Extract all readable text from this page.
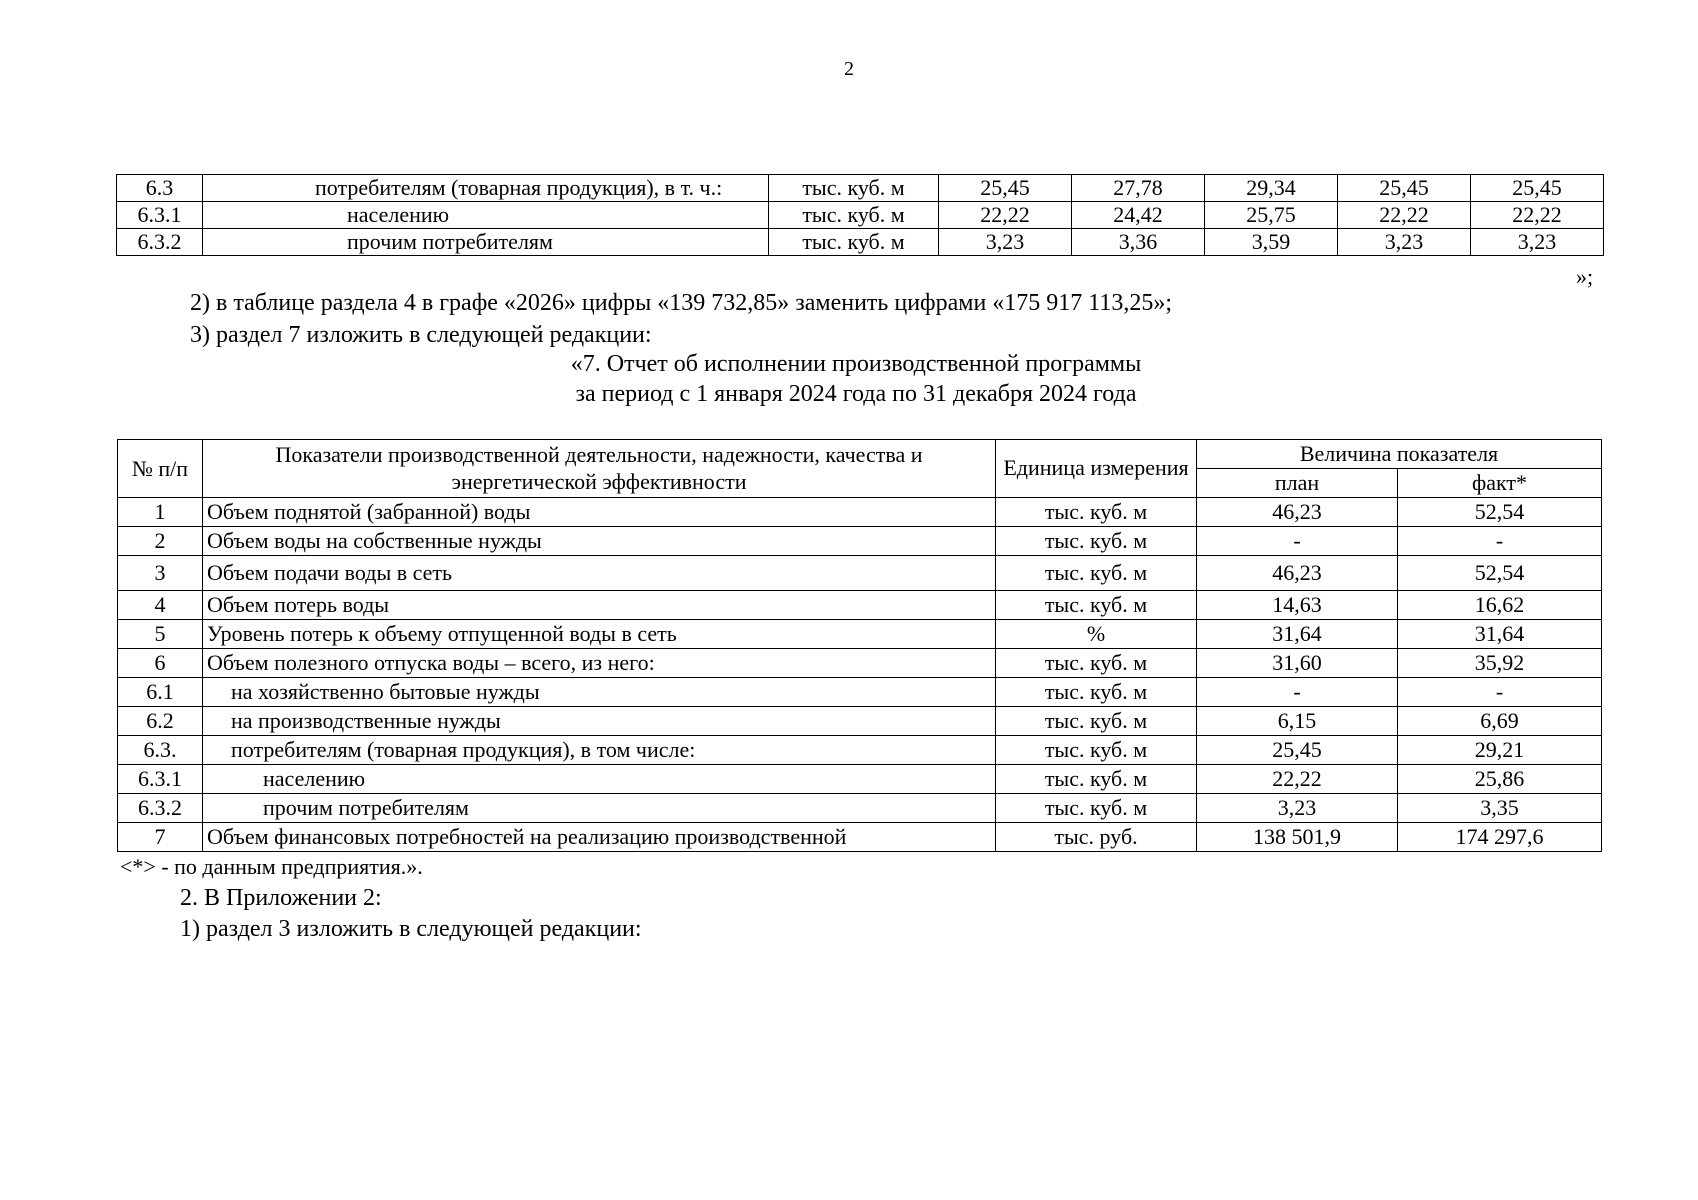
2
6.3	потребителям (товарная продукция), в т. ч.:	тыс. куб. м	25,45	27,78	29,34	25,45	25,45
6.3.1	населению	тыс. куб. м	22,22	24,42	25,75	22,22	22,22
6.3.2	прочим потребителям	тыс. куб. м	3,23	3,36	3,59	3,23	3,23
»;
2) в таблице раздела 4 в графе «2026» цифры «139 732,85» заменить цифрами «175 917 113,25»;
3) раздел 7 изложить в следующей редакции:
«7. Отчет об исполнении производственной программы
за период с 1 января 2024 года по 31 декабря 2024 года
№ п/п	Показатели производственной деятельности, надежности, качества и энергетической эффективности	Единица измерения	Величина показателя	
			план	факт*
1	Объем поднятой (забранной) воды	тыс. куб. м	46,23	52,54
2	Объем воды на собственные нужды	тыс. куб. м	-	-
3	Объем подачи воды в сеть	тыс. куб. м	46,23	52,54
4	Объем потерь воды	тыс. куб. м	14,63	16,62
5	Уровень потерь к объему отпущенной воды в сеть	%	31,64	31,64
6	Объем полезного отпуска воды – всего, из него:	тыс. куб. м	31,60	35,92
6.1	на хозяйственно бытовые нужды	тыс. куб. м	-	-
6.2	на производственные нужды	тыс. куб. м	6,15	6,69
6.3.	потребителям (товарная продукция), в том числе:	тыс. куб. м	25,45	29,21
6.3.1	населению	тыс. куб. м	22,22	25,86
6.3.2	прочим потребителям	тыс. куб. м	3,23	3,35
7	Объем финансовых потребностей на реализацию производственной	тыс. руб.	138 501,9	174 297,6
<*> - по данным предприятия.».
2. В Приложении 2:
1) раздел 3 изложить в следующей редакции:
